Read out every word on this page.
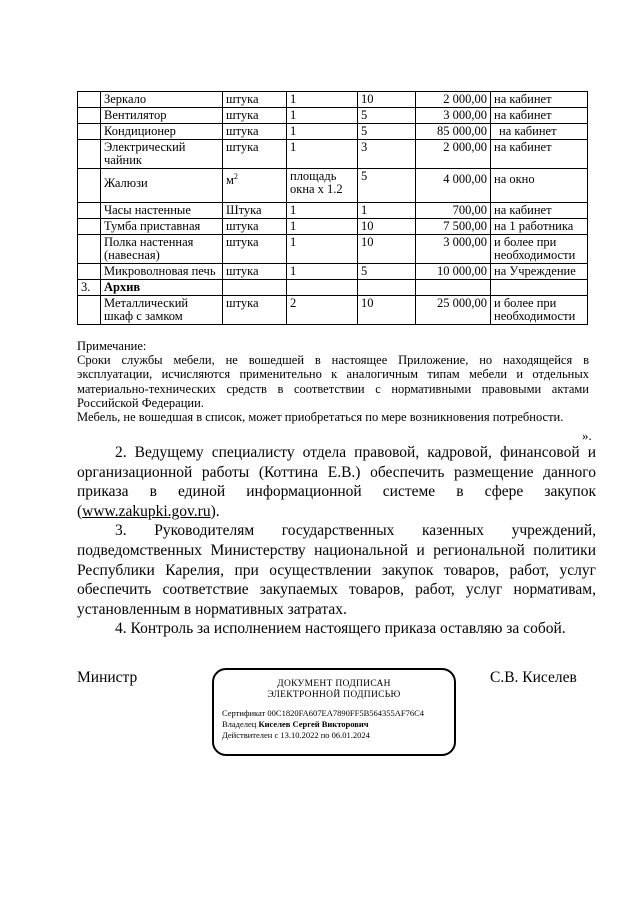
	Зеркало	штука	1	10	2 000,00	на кабинет
	Вентилятор	штука	1	5	3 000,00	на кабинет
	Кондиционер	штука	1	5	85 000,00	на кабинет
	Электрический чайник	штука	1	3	2 000,00	на кабинет
	Жалюзи	$м^2$	площадь окна х 1.2	5	4 000,00	на окно
	Часы настенные	Штука	1	1	700,00	на кабинет
	Тумба приставная	штука	1	10	7 500,00	на 1 работника
	Полка настенная (навесная)	штука	1	10	3 000,00	и более при необходимости
	Микроволновая печь	штука	1	5	10 000,00	на Учреждение
3.	Архив					
	Металлический шкаф с замком	штука	2	10	25 000,00	и более при необходимости

Примечание:

Сроки службы мебели, не вошедшей в настоящее Приложение, но находящейся в эксплуатации, исчисляются применительно к аналогичным типам мебели и отдельных материально-технических средств в соответствии с нормативными правовыми актами Российской Федерации.

Мебель, не вошедшая в список, может приобретаться по мере возникновения потребности.

».

2. Ведущему специалисту отдела правовой, кадровой, финансовой и организационной работы (Коттина Е.В.) обеспечить размещение данного приказа в единой информационной системе в сфере закупок (www.zakupki.gov.ru).

3. Руководителям государственных казенных учреждений, подведомственных Министерству национальной и региональной политики Республики Карелия, при осуществлении закупок товаров, работ, услуг обеспечить соответствие закупаемых товаров, работ, услуг нормативам, установленным в нормативных затратах.

4. Контроль за исполнением настоящего приказа оставляю за собой.

Министр	С.В. Киселев
ДОКУМЕНТ ПОДПИСАН
ЭЛЕКТРОННОЙ ПОДПИСЬЮ
Сертификат 00C1820FA607EA7890FF5B564355AF76C4
Владелец Киселев Сергей Викторович
Действителен с 13.10.2022 по 06.01.2024
